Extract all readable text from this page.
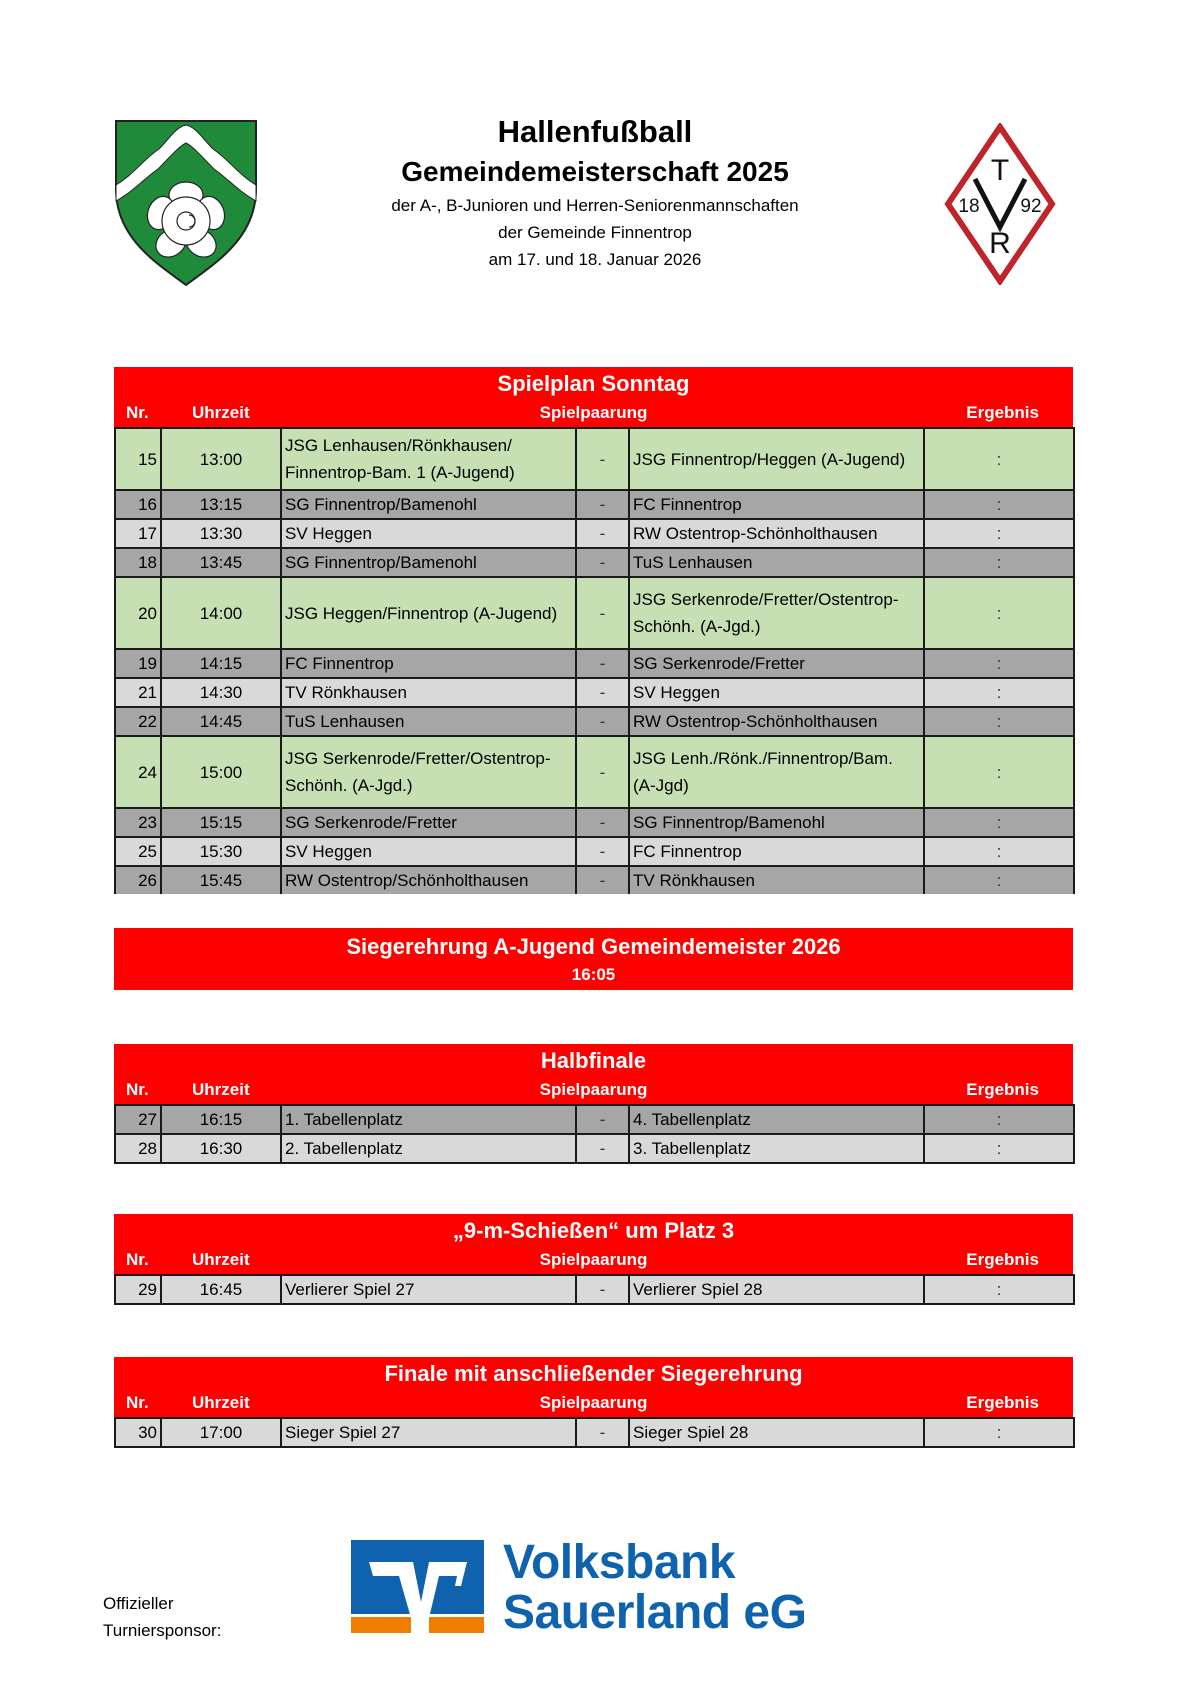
Hallenfußball
Gemeindemeisterschaft 2025
der A-, B-Junioren und Herren-Seniorenmannschaften
der Gemeinde Finnentrop
am 17. und 18. Januar 2026
T
R
18 92
Spielplan Sonntag
Spielpaarung
Nr.	Uhrzeit	Ergebnis
15	13:00	JSG Lenhausen/Rönkhausen/ Finnentrop-Bam. 1 (A-Jugend)	-	JSG Finnentrop/Heggen (A-Jugend)	:
16	13:15	SG Finnentrop/Bamenohl	-	FC Finnentrop	:
17	13:30	SV Heggen	-	RW Ostentrop-Schönholthausen	:
18	13:45	SG Finnentrop/Bamenohl	-	TuS Lenhausen	:
20	14:00	JSG Heggen/Finnentrop (A-Jugend)	-	JSG Serkenrode/Fretter/Ostentrop-Schönh. (A-Jgd.)	:
19	14:15	FC Finnentrop	-	SG Serkenrode/Fretter	:
21	14:30	TV Rönkhausen	-	SV Heggen	:
22	14:45	TuS Lenhausen	-	RW Ostentrop-Schönholthausen	:
24	15:00	JSG Serkenrode/Fretter/Ostentrop-Schönh. (A-Jgd.)	-	JSG Lenh./Rönk./Finnentrop/Bam. (A-Jgd)	:
23	15:15	SG Serkenrode/Fretter	-	SG Finnentrop/Bamenohl	:
25	15:30	SV Heggen	-	FC Finnentrop	:
26	15:45	RW Ostentrop/Schönholthausen	-	TV Rönkhausen	:
Siegerehrung A-Jugend Gemeindemeister 2026
16:05
Halbfinale
Spielpaarung
Nr.	Uhrzeit	Ergebnis
27	16:15	1. Tabellenplatz	-	4. Tabellenplatz	:
28	16:30	2. Tabellenplatz	-	3. Tabellenplatz	:
„9-m-Schießen“ um Platz 3
Spielpaarung
Nr.	Uhrzeit	Ergebnis
29	16:45	Verlierer Spiel 27	-	Verlierer Spiel 28	:
Finale mit anschließender Siegerehrung
Spielpaarung
Nr.	Uhrzeit	Ergebnis
30	17:00	Sieger Spiel 27	-	Sieger Spiel 28	:
Offizieller
Turniersponsor:
Volksbank
Sauerland eG
